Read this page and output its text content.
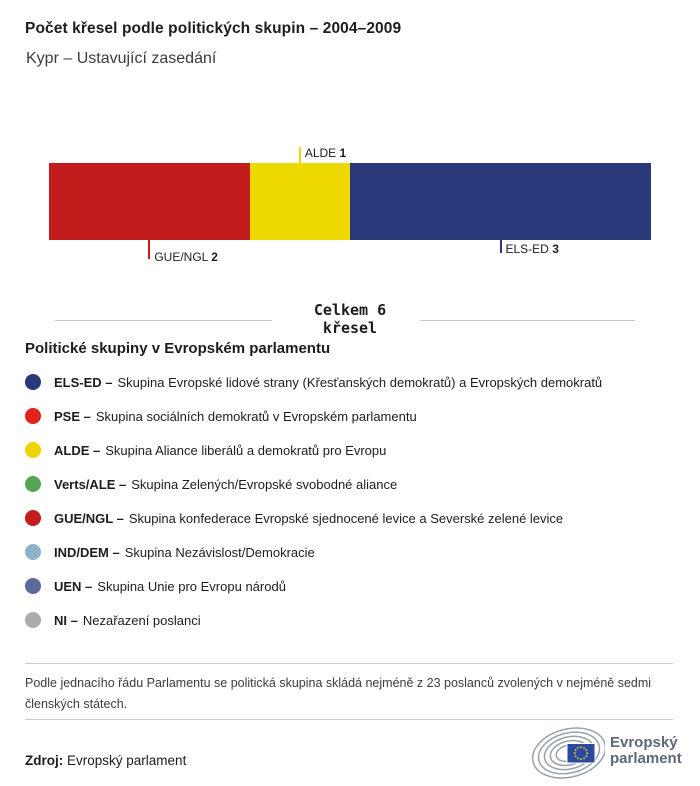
Počet křesel podle politických skupin – 2004–2009
Kypr – Ustavující zasedání
GUE/NGL 2
ALDE 1
ELS-ED 3
Celkem 6
křesel
Politické skupiny v Evropském parlamentu
ELS-ED – Skupina Evropské lidové strany (Křesťanských demokratů) a Evropských demokratů
PSE – Skupina sociálních demokratů v Evropském parlamentu
ALDE – Skupina Aliance liberálů a demokratů pro Evropu
Verts/ALE – Skupina Zelených/Evropské svobodné aliance
GUE/NGL – Skupina konfederace Evropské sjednocené levice a Severské zelené levice
IND/DEM – Skupina Nezávislost/Demokracie
UEN – Skupina Unie pro Evropu národů
NI – Nezařazení poslanci
Podle jednacího řádu Parlamentu se politická skupina skládá nejméně z 23 poslanců zvolených v nejméně sedmi členských státech.
Zdroj: Evropský parlament
Evropský
parlament
